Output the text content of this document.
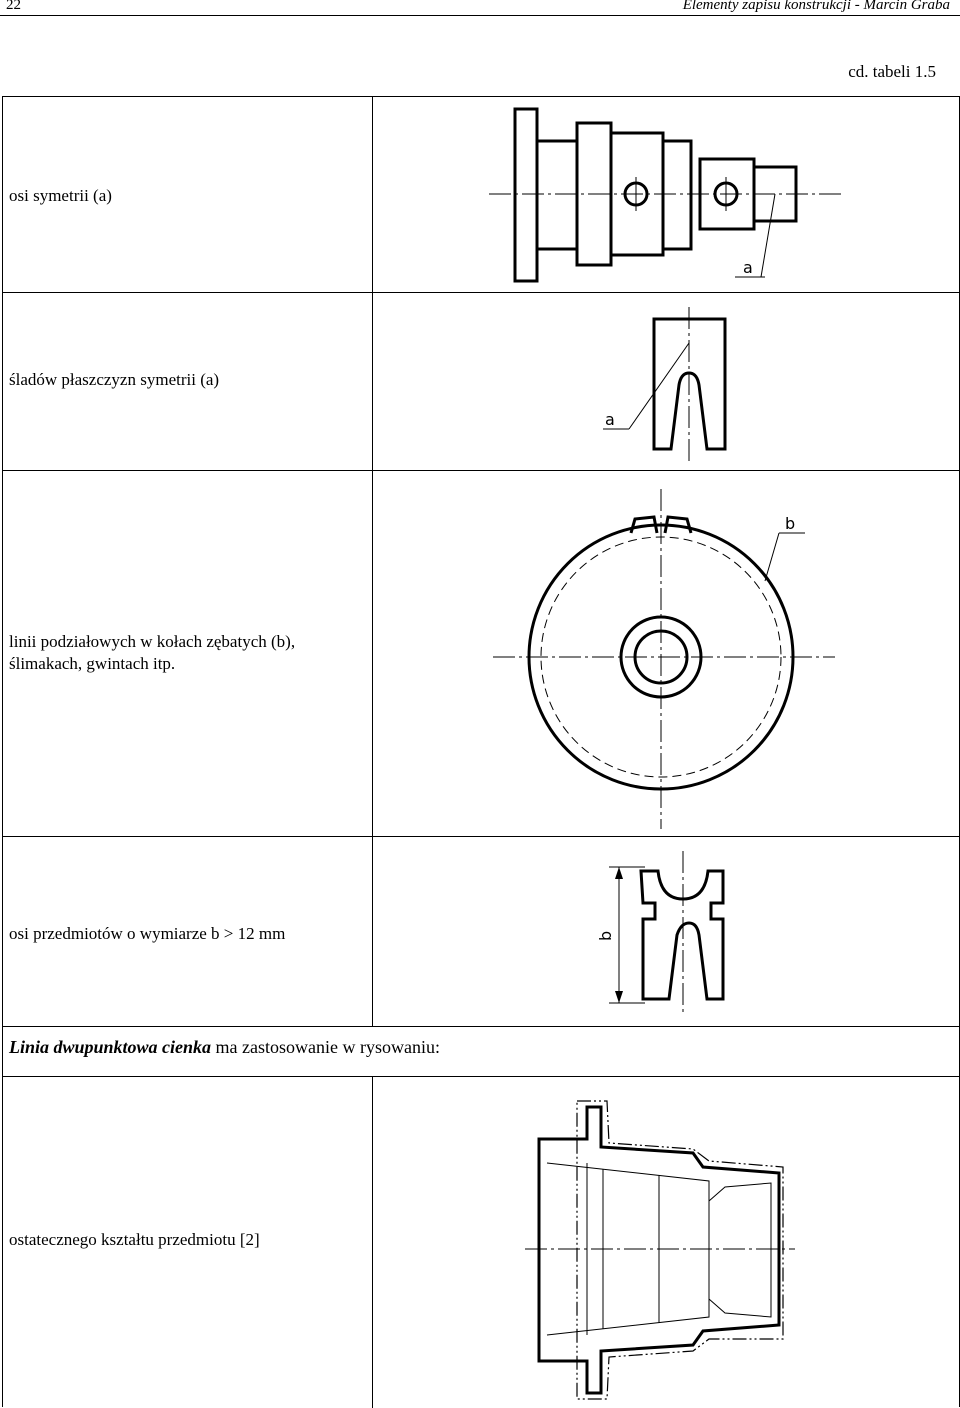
22	Elementy zapisu konstrukcji - Marcin Graba
cd. tabeli 1.5
osi symetrii (a)
a
śladów płaszczyzn symetrii (a)
a
linii podziałowych w kołach zębatych (b),
ślimakach, gwintach itp.
b
osi przedmiotów o wymiarze b > 12 mm	b
Linia dwupunktowa cienka ma zastosowanie w rysowaniu:
ostatecznego kształtu przedmiotu [2]
